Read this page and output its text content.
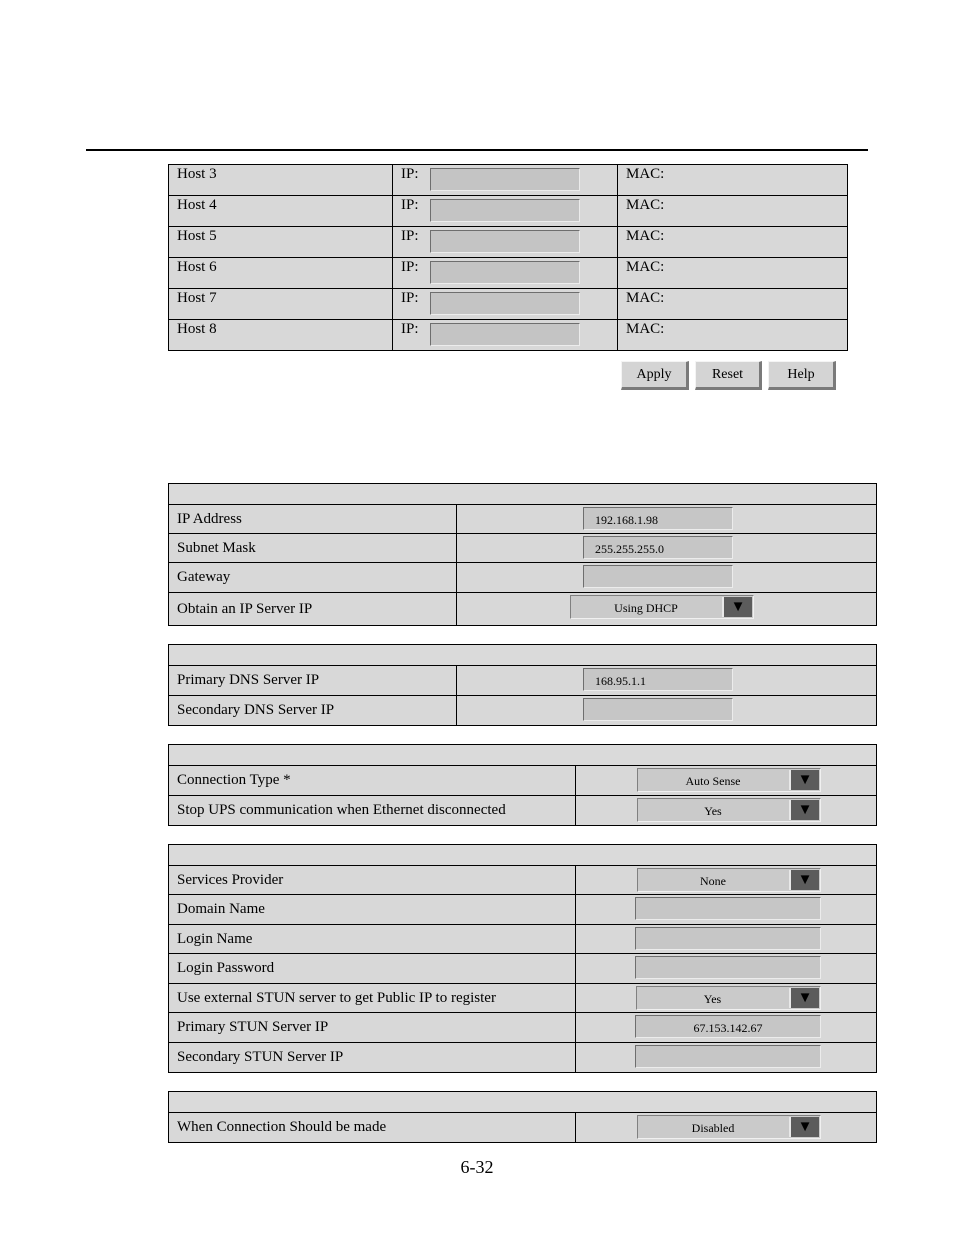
Host 3	IP:	MAC:
Host 4	IP:	MAC:
Host 5	IP:	MAC:
Host 6	IP:	MAC:
Host 7	IP:	MAC:
Host 8	IP:	MAC:
Apply	Reset	Help
IP Address	192.168.1.98
Subnet Mask	255.255.255.0
Gateway
Obtain an IP Server IP	Using DHCP	▼
Primary DNS Server IP	168.95.1.1
Secondary DNS Server IP
Connection Type *	Auto Sense	▼
Stop UPS communication when Ethernet disconnected	Yes	▼
Services Provider	None	▼
Domain Name
Login Name
Login Password
Use external STUN server to get Public IP to register	Yes	▼
Primary STUN Server IP	67.153.142.67
Secondary STUN Server IP
When Connection Should be made	Disabled	▼
6-32
